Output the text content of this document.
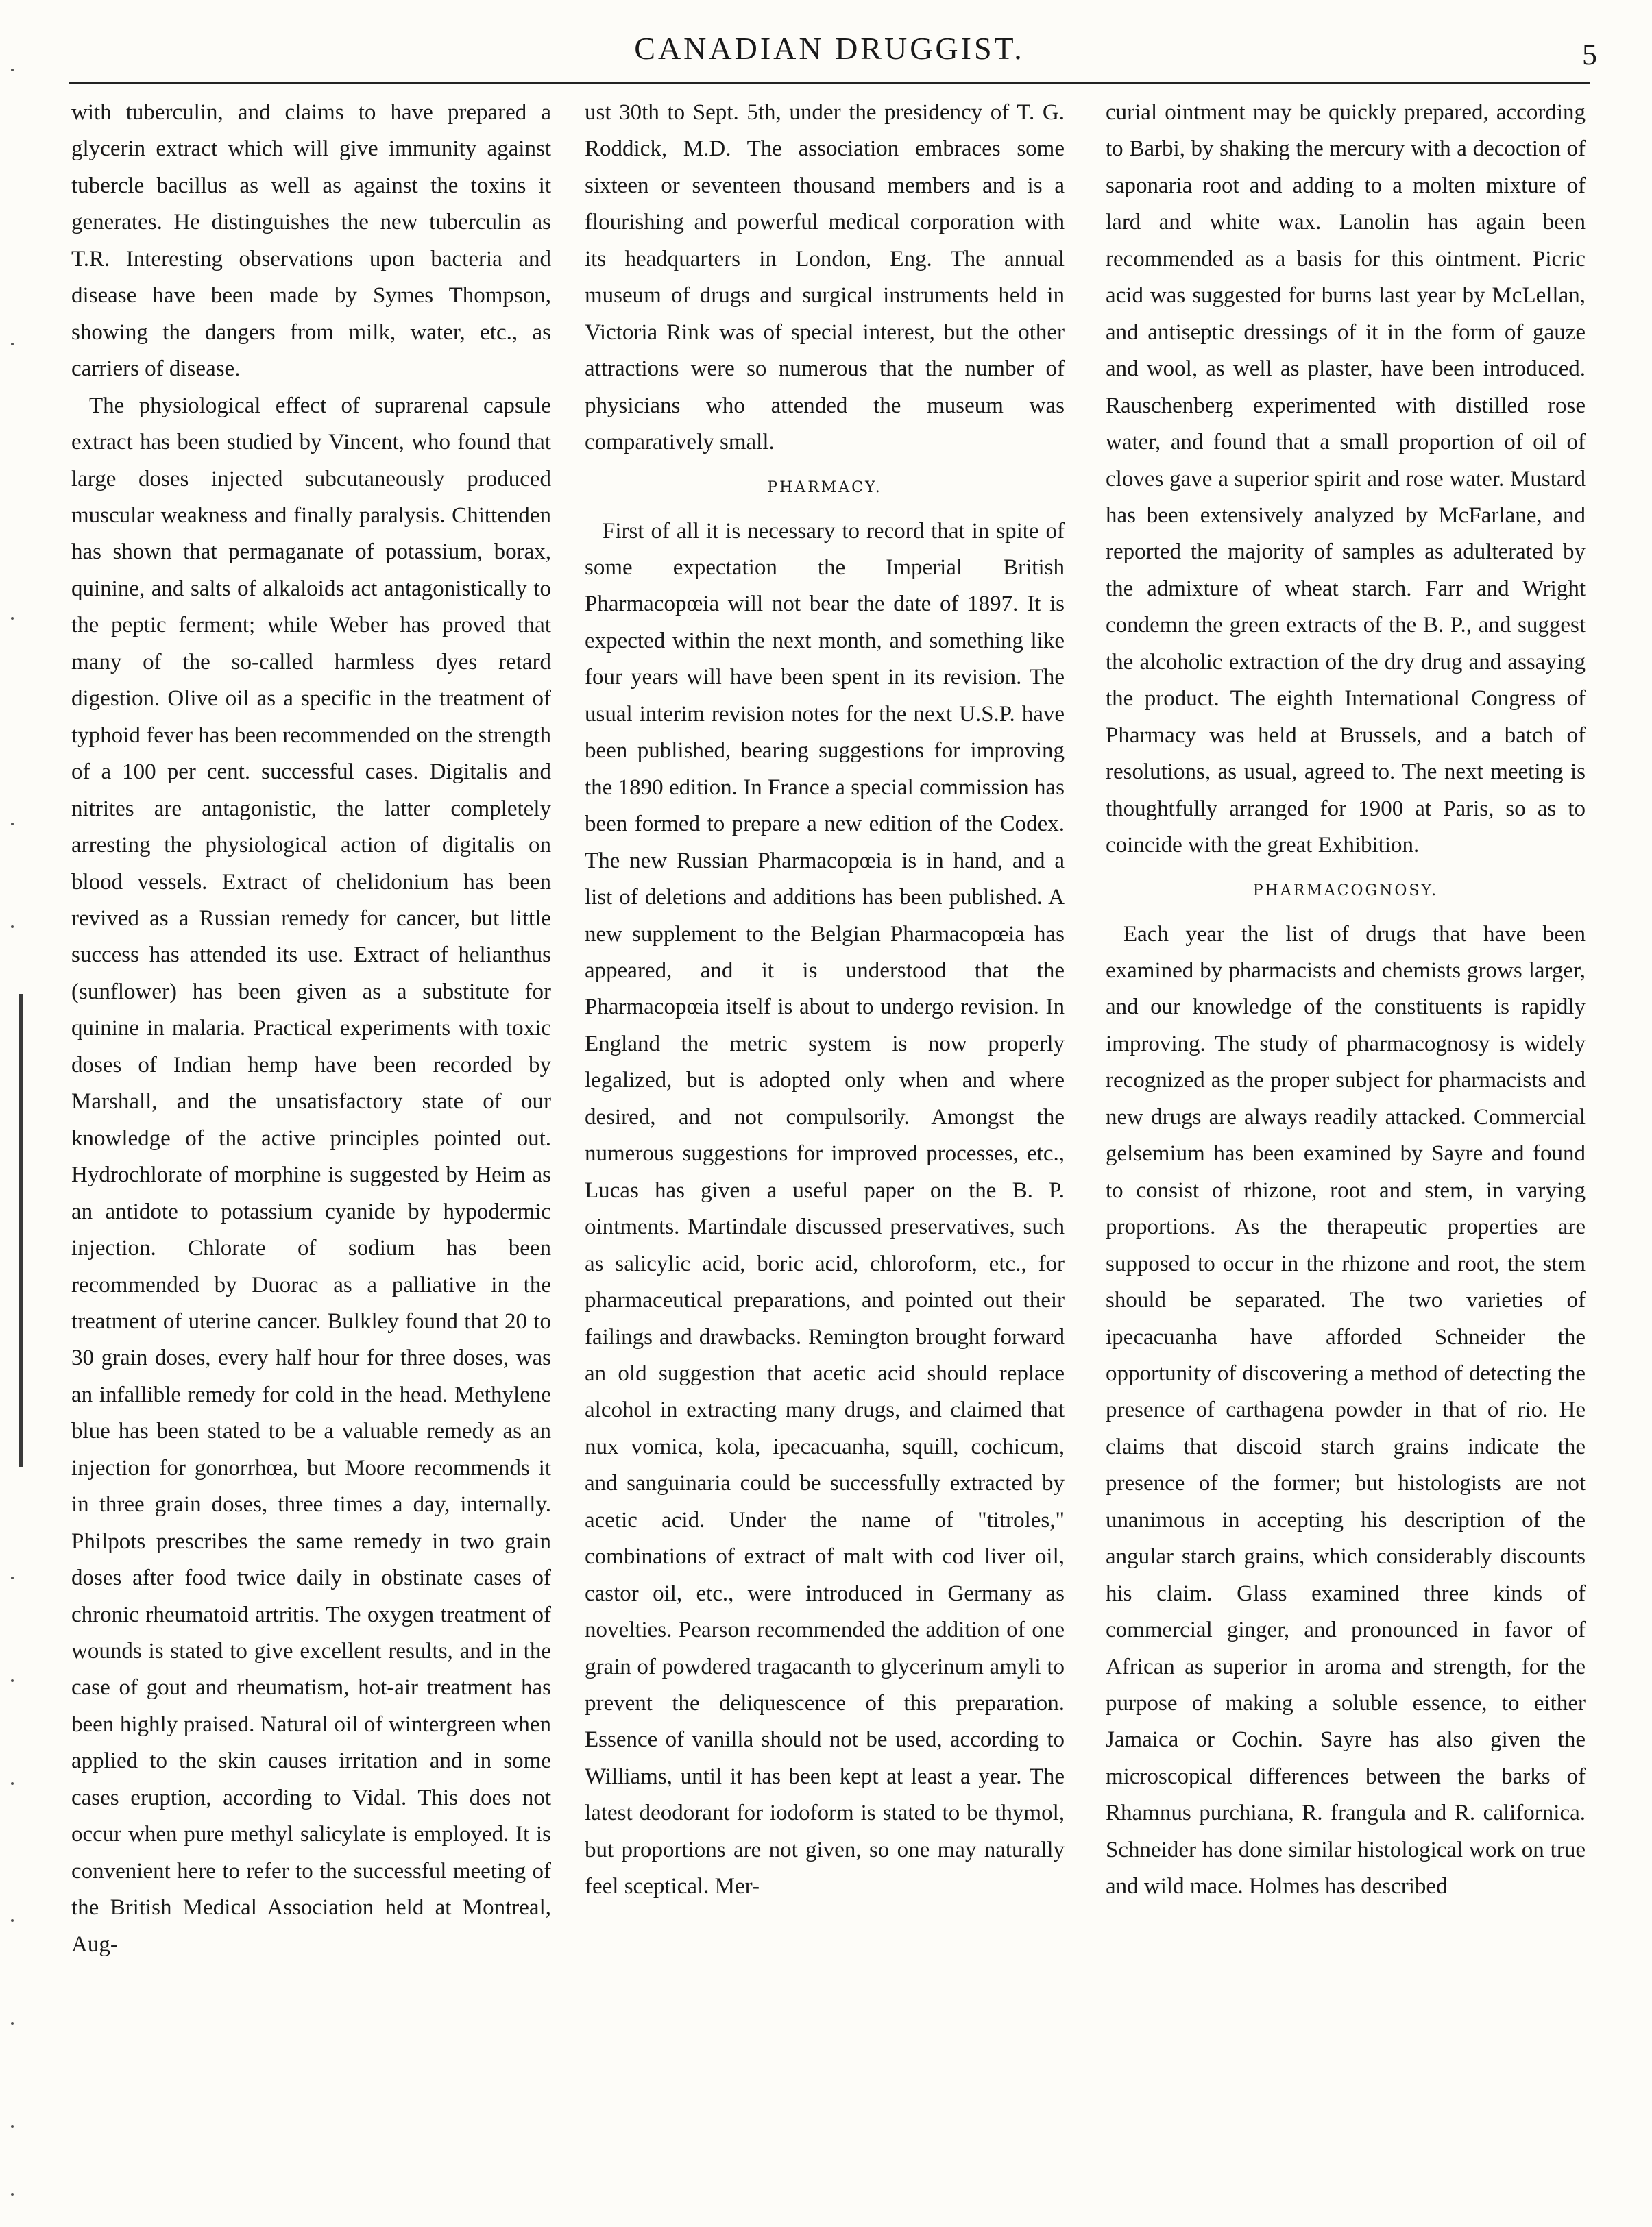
CANADIAN DRUGGIST.	5

with tuberculin, and claims to have prepared a glycerin extract which will give immunity against tubercle bacillus as well as against the toxins it generates. He distinguishes the new tuberculin as T.R. Interesting observations upon bacteria and disease have been made by Symes Thompson, showing the dangers from milk, water, etc., as carriers of disease.

The physiological effect of suprarenal capsule extract has been studied by Vincent, who found that large doses injected subcutaneously produced muscular weakness and finally paralysis. Chittenden has shown that permaganate of potassium, borax, quinine, and salts of alkaloids act antagonistically to the peptic ferment; while Weber has proved that many of the so-called harmless dyes retard digestion. Olive oil as a specific in the treatment of typhoid fever has been recommended on the strength of a 100 per cent. successful cases. Digitalis and nitrites are antagonistic, the latter completely arresting the physiological action of digitalis on blood vessels. Extract of chelidonium has been revived as a Russian remedy for cancer, but little success has attended its use. Extract of helianthus (sunflower) has been given as a substitute for quinine in malaria. Practical experiments with toxic doses of Indian hemp have been recorded by Marshall, and the unsatisfactory state of our knowledge of the active principles pointed out. Hydrochlorate of morphine is suggested by Heim as an antidote to potassium cyanide by hypodermic injection. Chlorate of sodium has been recommended by Duorac as a palliative in the treatment of uterine cancer. Bulkley found that 20 to 30 grain doses, every half hour for three doses, was an infallible remedy for cold in the head. Methylene blue has been stated to be a valuable remedy as an injection for gonorrhœa, but Moore recommends it in three grain doses, three times a day, internally. Philpots prescribes the same remedy in two grain doses after food twice daily in obstinate cases of chronic rheumatoid artritis. The oxygen treatment of wounds is stated to give excellent results, and in the case of gout and rheumatism, hot-air treatment has been highly praised. Natural oil of wintergreen when applied to the skin causes irritation and in some cases eruption, according to Vidal. This does not occur when pure methyl salicylate is employed. It is convenient here to refer to the successful meeting of the British Medical Association held at Montreal, Aug-

ust 30th to Sept. 5th, under the presidency of T. G. Roddick, M.D. The association embraces some sixteen or seventeen thousand members and is a flourishing and powerful medical corporation with its headquarters in London, Eng. The annual museum of drugs and surgical instruments held in Victoria Rink was of special interest, but the other attractions were so numerous that the number of physicians who attended the museum was comparatively small.

PHARMACY.

First of all it is necessary to record that in spite of some expectation the Imperial British Pharmacopœia will not bear the date of 1897. It is expected within the next month, and something like four years will have been spent in its revision. The usual interim revision notes for the next U.S.P. have been published, bearing suggestions for improving the 1890 edition. In France a special commission has been formed to prepare a new edition of the Codex. The new Russian Pharmacopœia is in hand, and a list of deletions and additions has been published. A new supplement to the Belgian Pharmacopœia has appeared, and it is understood that the Pharmacopœia itself is about to undergo revision. In England the metric system is now properly legalized, but is adopted only when and where desired, and not compulsorily. Amongst the numerous suggestions for improved processes, etc., Lucas has given a useful paper on the B. P. ointments. Martindale discussed preservatives, such as salicylic acid, boric acid, chloroform, etc., for pharmaceutical preparations, and pointed out their failings and drawbacks. Remington brought forward an old suggestion that acetic acid should replace alcohol in extracting many drugs, and claimed that nux vomica, kola, ipecacuanha, squill, cochicum, and sanguinaria could be successfully extracted by acetic acid. Under the name of "titroles," combinations of extract of malt with cod liver oil, castor oil, etc., were introduced in Germany as novelties. Pearson recommended the addition of one grain of powdered tragacanth to glycerinum amyli to prevent the deliquescence of this preparation. Essence of vanilla should not be used, according to Williams, until it has been kept at least a year. The latest deodorant for iodoform is stated to be thymol, but proportions are not given, so one may naturally feel sceptical. Mer-

curial ointment may be quickly prepared, according to Barbi, by shaking the mercury with a decoction of saponaria root and adding to a molten mixture of lard and white wax. Lanolin has again been recommended as a basis for this ointment. Picric acid was suggested for burns last year by McLellan, and antiseptic dressings of it in the form of gauze and wool, as well as plaster, have been introduced. Rauschenberg experimented with distilled rose water, and found that a small proportion of oil of cloves gave a superior spirit and rose water. Mustard has been extensively analyzed by McFarlane, and reported the majority of samples as adulterated by the admixture of wheat starch. Farr and Wright condemn the green extracts of the B. P., and suggest the alcoholic extraction of the dry drug and assaying the product. The eighth International Congress of Pharmacy was held at Brussels, and a batch of resolutions, as usual, agreed to. The next meeting is thoughtfully arranged for 1900 at Paris, so as to coincide with the great Exhibition.

PHARMACOGNOSY.

Each year the list of drugs that have been examined by pharmacists and chemists grows larger, and our knowledge of the constituents is rapidly improving. The study of pharmacognosy is widely recognized as the proper subject for pharmacists and new drugs are always readily attacked. Commercial gelsemium has been examined by Sayre and found to consist of rhizone, root and stem, in varying proportions. As the therapeutic properties are supposed to occur in the rhizone and root, the stem should be separated. The two varieties of ipecacuanha have afforded Schneider the opportunity of discovering a method of detecting the presence of carthagena powder in that of rio. He claims that discoid starch grains indicate the presence of the former; but histologists are not unanimous in accepting his description of the angular starch grains, which considerably discounts his claim. Glass examined three kinds of commercial ginger, and pronounced in favor of African as superior in aroma and strength, for the purpose of making a soluble essence, to either Jamaica or Cochin. Sayre has also given the microscopical differences between the barks of Rhamnus purchiana, R. frangula and R. californica. Schneider has done similar histological work on true and wild mace. Holmes has described
